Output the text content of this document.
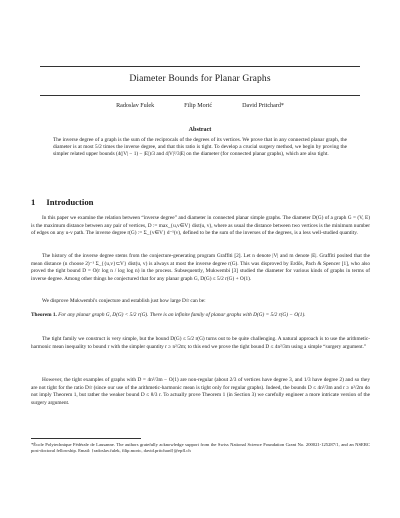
Diameter Bounds for Planar Graphs
Radoslav Fulek	Filip Morić	David Pritchard*
Abstract
The inverse degree of a graph is the sum of the reciprocals of the degrees of its vertices. We prove that in any connected planar graph, the diameter is at most 5/2 times the inverse degree, and that this ratio is tight. To develop a crucial surgery method, we begin by proving the simpler related upper bounds (4(|V| − 1) − |E|)/3 and 4|V|²/3|E| on the diameter (for connected planar graphs), which are also tight.
1 Introduction
In this paper we examine the relation between “inverse degree” and diameter in connected planar simple graphs. The diameter D(G) of a graph G = (V, E) is the maximum distance between any pair of vertices, D := max_{u,v∈V} dist(u, v), where as usual the distance between two vertices is the minimum number of edges on any u-v path. The inverse degree r(G) := Σ_{v∈V} d⁻¹(v), defined to be the sum of the inverses of the degrees, is a less well-studied quantity.
The history of the inverse degree stems from the conjecture-generating program Graffiti [2]. Let n denote |V| and m denote |E|. Graffiti posited that the mean distance (n choose 2)⁻¹ Σ_{{u,v}⊂V} dist(u, v) is always at most the inverse degree r(G). This was disproved by Erdős, Pach & Spencer [1], who also proved the tight bound D = O(r log n / log log n) in the process. Subsequently, Mukwembi [3] studied the diameter for various kinds of graphs in terms of inverse degree. Among other things he conjectured that for any planar graph G, D(G) ≤ 5/2 r(G) + O(1).
We disprove Mukwembi's conjecture and establish just how large D/r can be:
Theorem 1. For any planar graph G, D(G) < 5/2 r(G). There is an infinite family of planar graphs with D(G) = 5/2 r(G) − O(1).
The tight family we construct is very simple, but the bound D(G) ≤ 5/2 r(G) turns out to be quite challenging. A natural approach is to use the arithmetic-harmonic mean inequality to bound r with the simpler quantity r ≥ n²/2m; to this end we prove the tight bound D ≤ 4n²/3m using a simple “surgery argument.”
However, the tight examples of graphs with D = 4n²/3m − O(1) are non-regular (about 2/3 of vertices have degree 3, and 1/3 have degree 2) and so they are not tight for the ratio D/r (since our use of the arithmetic-harmonic mean is tight only for regular graphs). Indeed, the bounds D ≤ 4n²/3m and r ≥ n²/2m do not imply Theorem 1, but rather the weaker bound D ≤ 8/3 r. To actually prove Theorem 1 (in Section 3) we carefully engineer a more intricate version of the surgery argument.
*École Polytechnique Fédérale de Lausanne. The authors gratefully acknowledge support from the Swiss National Science Foundation Grant No. 200021-125287/1, and an NSERC post-doctoral fellowship. Email: {radoslav.fulek, filip.moric, david.pritchard}@epfl.ch
